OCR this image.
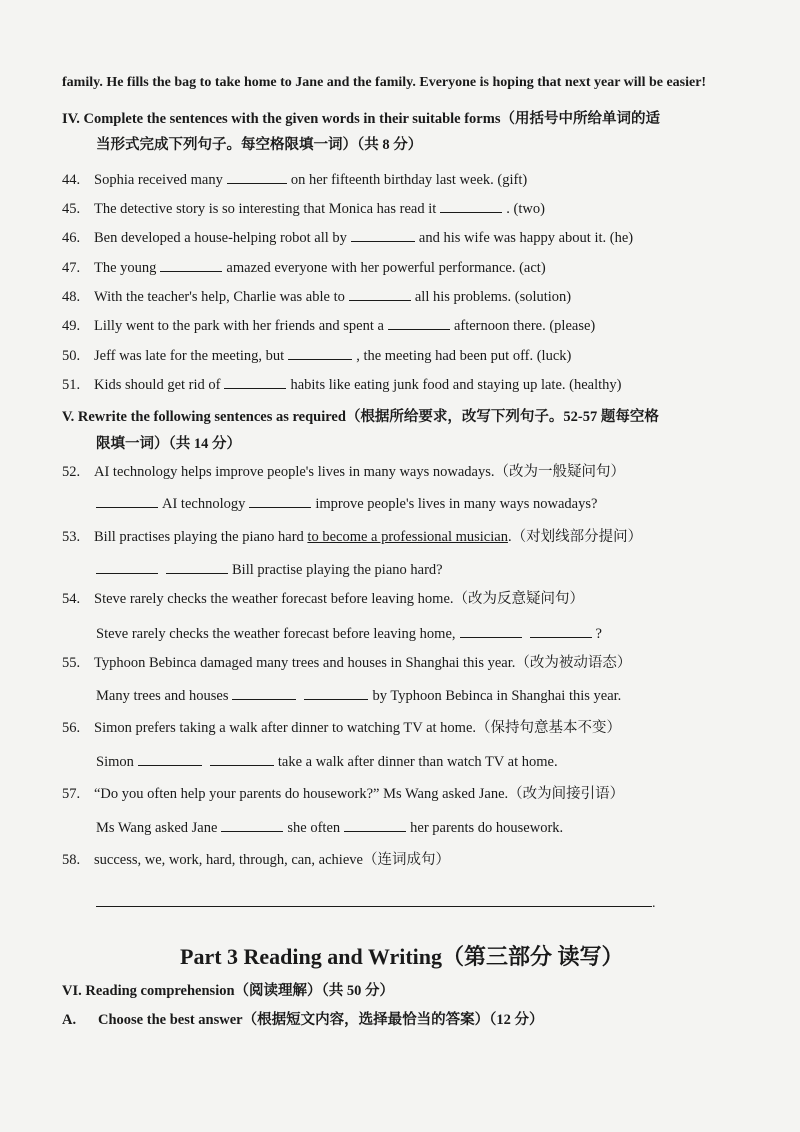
family. He fills the bag to take home to Jane and the family. Everyone is hoping that next year will be easier!
IV. Complete the sentences with the given words in their suitable forms（用括号中所给单词的适
当形式完成下列句子。每空格限填一词）（共 8 分）
44. Sophia received many	on her fifteenth birthday last week. (gift)
45. The detective story is so interesting that Monica has read it	. (two)
46. Ben developed a house-helping robot all by	and his wife was happy about it. (he)
47. The young	amazed everyone with her powerful performance. (act)
48. With the teacher's help, Charlie was able to	all his problems. (solution)
49. Lilly went to the park with her friends and spent a	afternoon there. (please)
50. Jeff was late for the meeting, but	, the meeting had been put off. (luck)
51. Kids should get rid of	habits like eating junk food and staying up late. (healthy)
V. Rewrite the following sentences as required（根据所给要求，改写下列句子。52-57 题每空格
限填一词）（共 14 分）
52. AI technology helps improve people's lives in many ways nowadays.（改为一般疑问句）
AI technology	improve people's lives in many ways nowadays?
53. Bill practises playing the piano hard to become a professional musician.（对划线部分提问）
Bill practise playing the piano hard?
54. Steve rarely checks the weather forecast before leaving home.（改为反意疑问句）
Steve rarely checks the weather forecast before leaving home,	?
55. Typhoon Bebinca damaged many trees and houses in Shanghai this year.（改为被动语态）
Many trees and houses	by Typhoon Bebinca in Shanghai this year.
56. Simon prefers taking a walk after dinner to watching TV at home.（保持句意基本不变）
Simon	take a walk after dinner than watch TV at home.
57. “Do you often help your parents do housework?” Ms Wang asked Jane.（改为间接引语）
Ms Wang asked Jane	she often	her parents do housework.
58. success, we, work, hard, through, can, achieve（连词成句）
.
Part 3 Reading and Writing（第三部分 读写）
VI. Reading comprehension（阅读理解）（共 50 分）
A. Choose the best answer（根据短文内容，选择最恰当的答案）（12 分）
